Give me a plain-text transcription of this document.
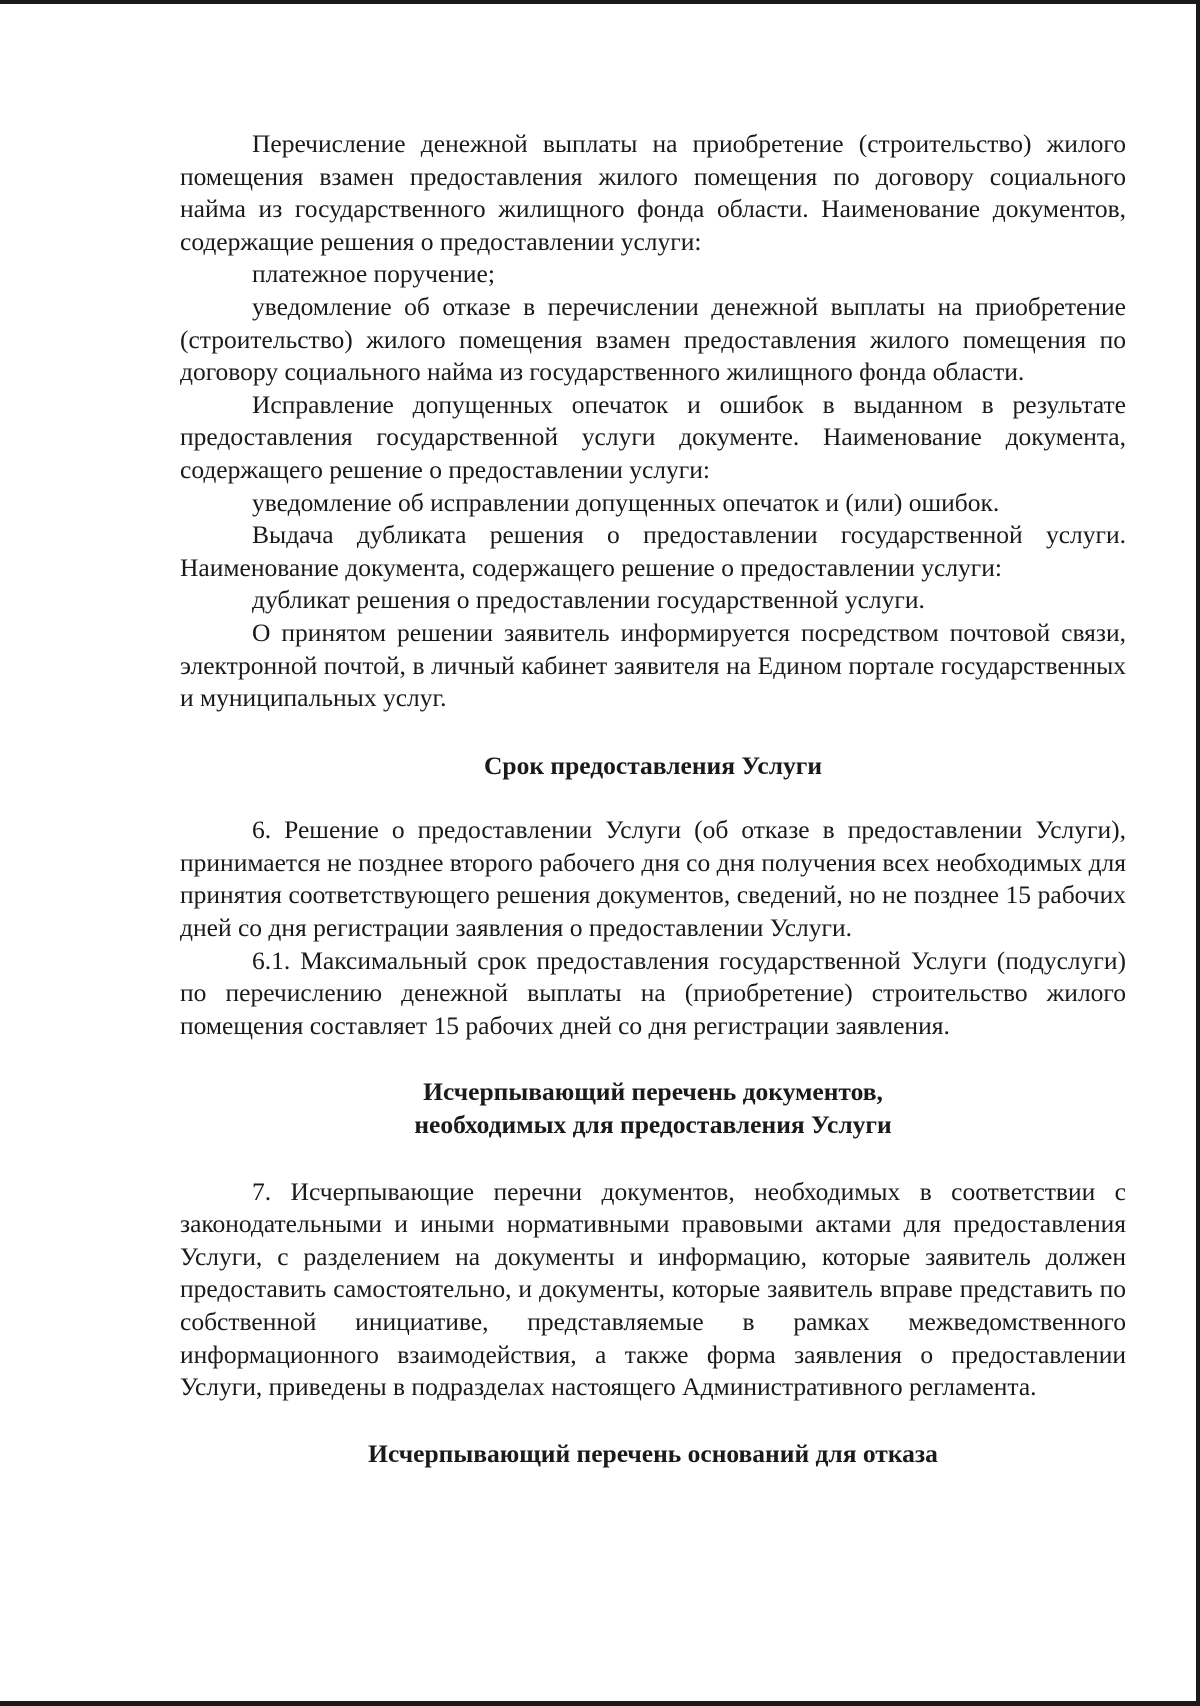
Перечисление денежной выплаты на приобретение (строительство) жилого помещения взамен предоставления жилого помещения по договору социального найма из государственного жилищного фонда области. Наименование документов, содержащие решения о предоставлении услуги:

платежное поручение;

уведомление об отказе в перечислении денежной выплаты на приобретение (строительство) жилого помещения взамен предоставления жилого помещения по договору социального найма из государственного жилищного фонда области.

Исправление допущенных опечаток и ошибок в выданном в результате предоставления государственной услуги документе. Наименование документа, содержащего решение о предоставлении услуги:

уведомление об исправлении допущенных опечаток и (или) ошибок.

Выдача дубликата решения о предоставлении государственной услуги. Наименование документа, содержащего решение о предоставлении услуги:

дубликат решения о предоставлении государственной услуги.

О принятом решении заявитель информируется посредством почтовой связи, электронной почтой, в личный кабинет заявителя на Едином портале государственных и муниципальных услуг.

Срок предоставления Услуги

6. Решение о предоставлении Услуги (об отказе в предоставлении Услуги), принимается не позднее второго рабочего дня со дня получения всех необходимых для принятия соответствующего решения документов, сведений, но не позднее 15 рабочих дней со дня регистрации заявления о предоставлении Услуги.

6.1. Максимальный срок предоставления государственной Услуги (подуслуги) по перечислению денежной выплаты на (приобретение) строительство жилого помещения составляет 15 рабочих дней со дня регистрации заявления.

Исчерпывающий перечень документов,
необходимых для предоставления Услуги

7. Исчерпывающие перечни документов, необходимых в соответствии с законодательными и иными нормативными правовыми актами для предоставления Услуги, с разделением на документы и информацию, которые заявитель должен предоставить самостоятельно, и документы, которые заявитель вправе представить по собственной инициативе, представляемые в рамках межведомственного информационного взаимодействия, а также форма заявления о предоставлении Услуги, приведены в подразделах настоящего Административного регламента.

Исчерпывающий перечень оснований для отказа
